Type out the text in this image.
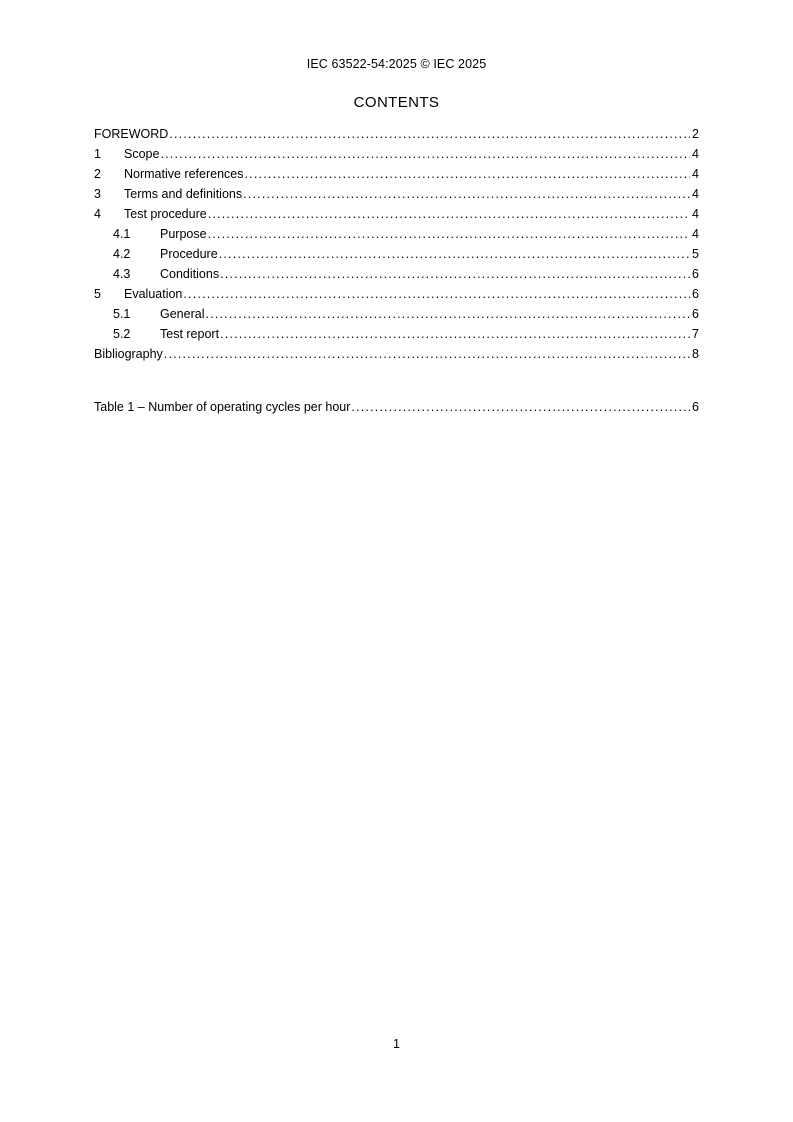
IEC 63522-54:2025 © IEC 2025
CONTENTS
FOREWORD .....	2
1	Scope .....	4
2	Normative references .....	4
3	Terms and definitions .....	4
4	Test procedure .....	4
4.1	Purpose .....	4
4.2	Procedure .....	5
4.3	Conditions .....	6
5	Evaluation .....	6
5.1	General .....	6
5.2	Test report .....	7
Bibliography .....	8
Table 1 – Number of operating cycles per hour .....	6
1
